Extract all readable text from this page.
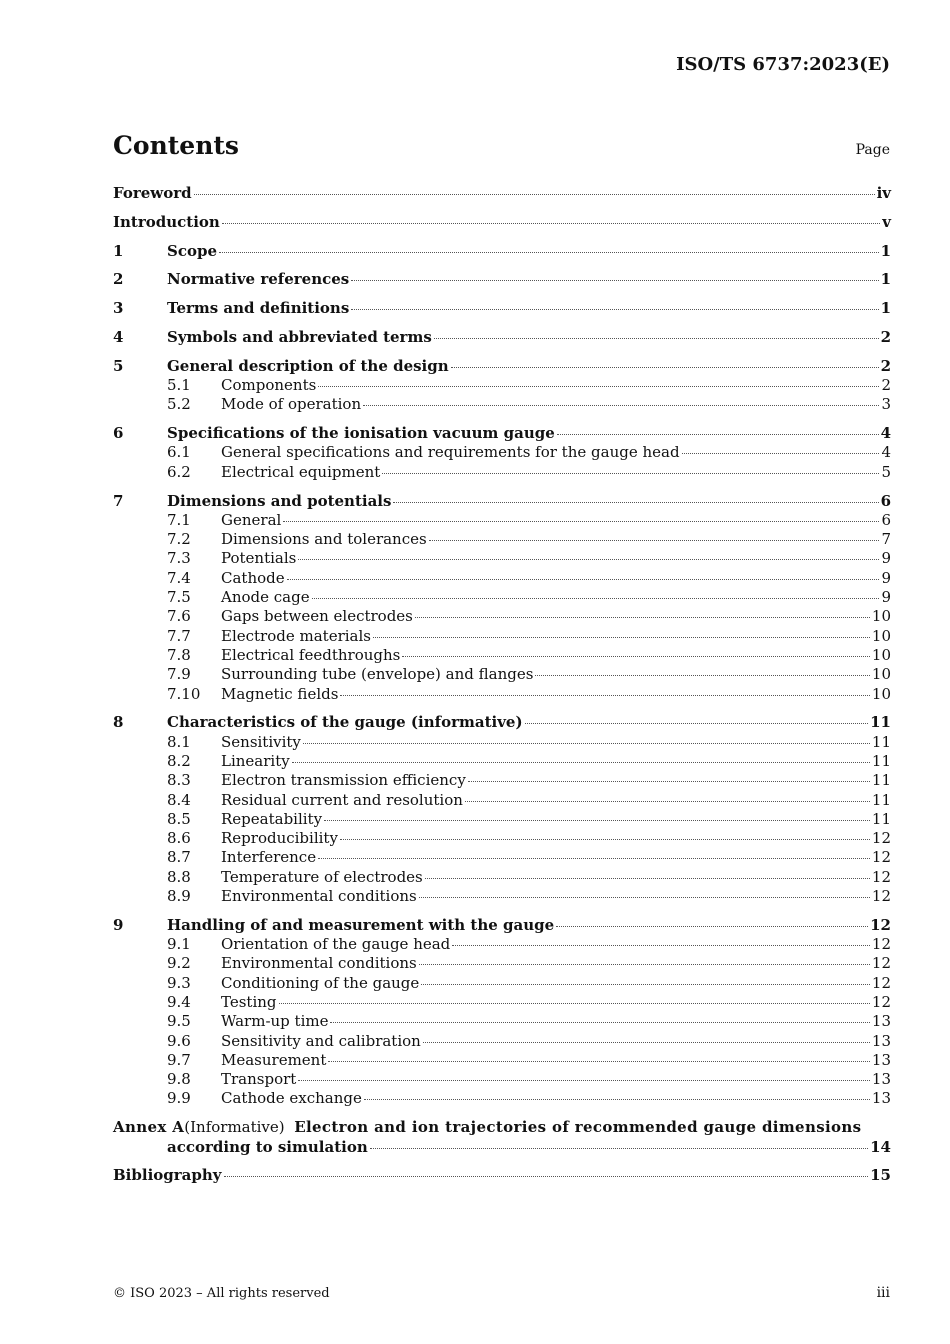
ISO/TS 6737:2023(E)
Contents	Page
Foreword	iv
Introduction	v
1	Scope	1
2	Normative references	1
3	Terms and definitions	1
4	Symbols and abbreviated terms	2
5	General description of the design	2
5.1	Components	2
5.2	Mode of operation	3
6	Specifications of the ionisation vacuum gauge	4
6.1	General specifications and requirements for the gauge head	4
6.2	Electrical equipment	5
7	Dimensions and potentials	6
7.1	General	6
7.2	Dimensions and tolerances	7
7.3	Potentials	9
7.4	Cathode	9
7.5	Anode cage	9
7.6	Gaps between electrodes	10
7.7	Electrode materials	10
7.8	Electrical feedthroughs	10
7.9	Surrounding tube (envelope) and flanges	10
7.10	Magnetic fields	10
8	Characteristics of the gauge (informative)	11
8.1	Sensitivity	11
8.2	Linearity	11
8.3	Electron transmission efficiency	11
8.4	Residual current and resolution	11
8.5	Repeatability	11
8.6	Reproducibility	12
8.7	Interference	12
8.8	Temperature of electrodes	12
8.9	Environmental conditions	12
9	Handling of and measurement with the gauge	12
9.1	Orientation of the gauge head	12
9.2	Environmental conditions	12
9.3	Conditioning of the gauge	12
9.4	Testing	12
9.5	Warm-up time	13
9.6	Sensitivity and calibration	13
9.7	Measurement	13
9.8	Transport	13
9.9	Cathode exchange	13
Annex A (Informative)
Electron and ion trajectories of recommended gauge dimensions
according to simulation	14
Bibliography	15
© ISO 2023 – All rights reserved	iii
